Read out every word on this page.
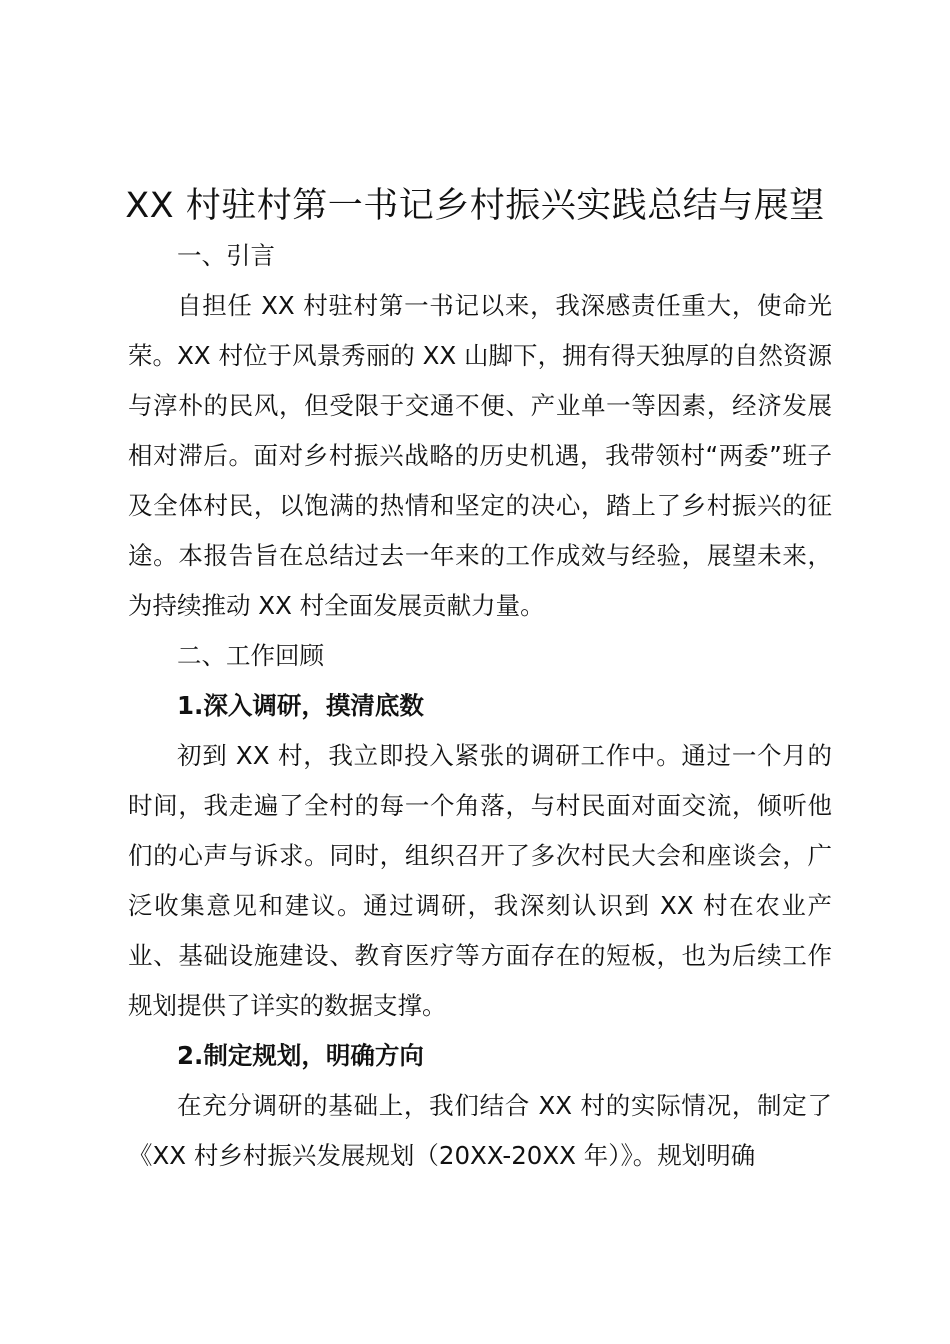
XX 村驻村第一书记乡村振兴实践总结与展望

一、引言

自担任 XX 村驻村第一书记以来，我深感责任重大，使命光荣。XX 村位于风景秀丽的 XX 山脚下，拥有得天独厚的自然资源与淳朴的民风，但受限于交通不便、产业单一等因素，经济发展相对滞后。面对乡村振兴战略的历史机遇，我带领村“两委”班子及全体村民，以饱满的热情和坚定的决心，踏上了乡村振兴的征途。本报告旨在总结过去一年来的工作成效与经验，展望未来，为持续推动 XX 村全面发展贡献力量。

二、工作回顾

1.深入调研，摸清底数

初到 XX 村，我立即投入紧张的调研工作中。通过一个月的时间，我走遍了全村的每一个角落，与村民面对面交流，倾听他们的心声与诉求。同时，组织召开了多次村民大会和座谈会，广泛收集意见和建议。通过调研，我深刻认识到 XX 村在农业产业、基础设施建设、教育医疗等方面存在的短板，也为后续工作规划提供了详实的数据支撑。

2.制定规划，明确方向

在充分调研的基础上，我们结合 XX 村的实际情况，制定了《XX 村乡村振兴发展规划（20XX-20XX 年）》。规划明确
